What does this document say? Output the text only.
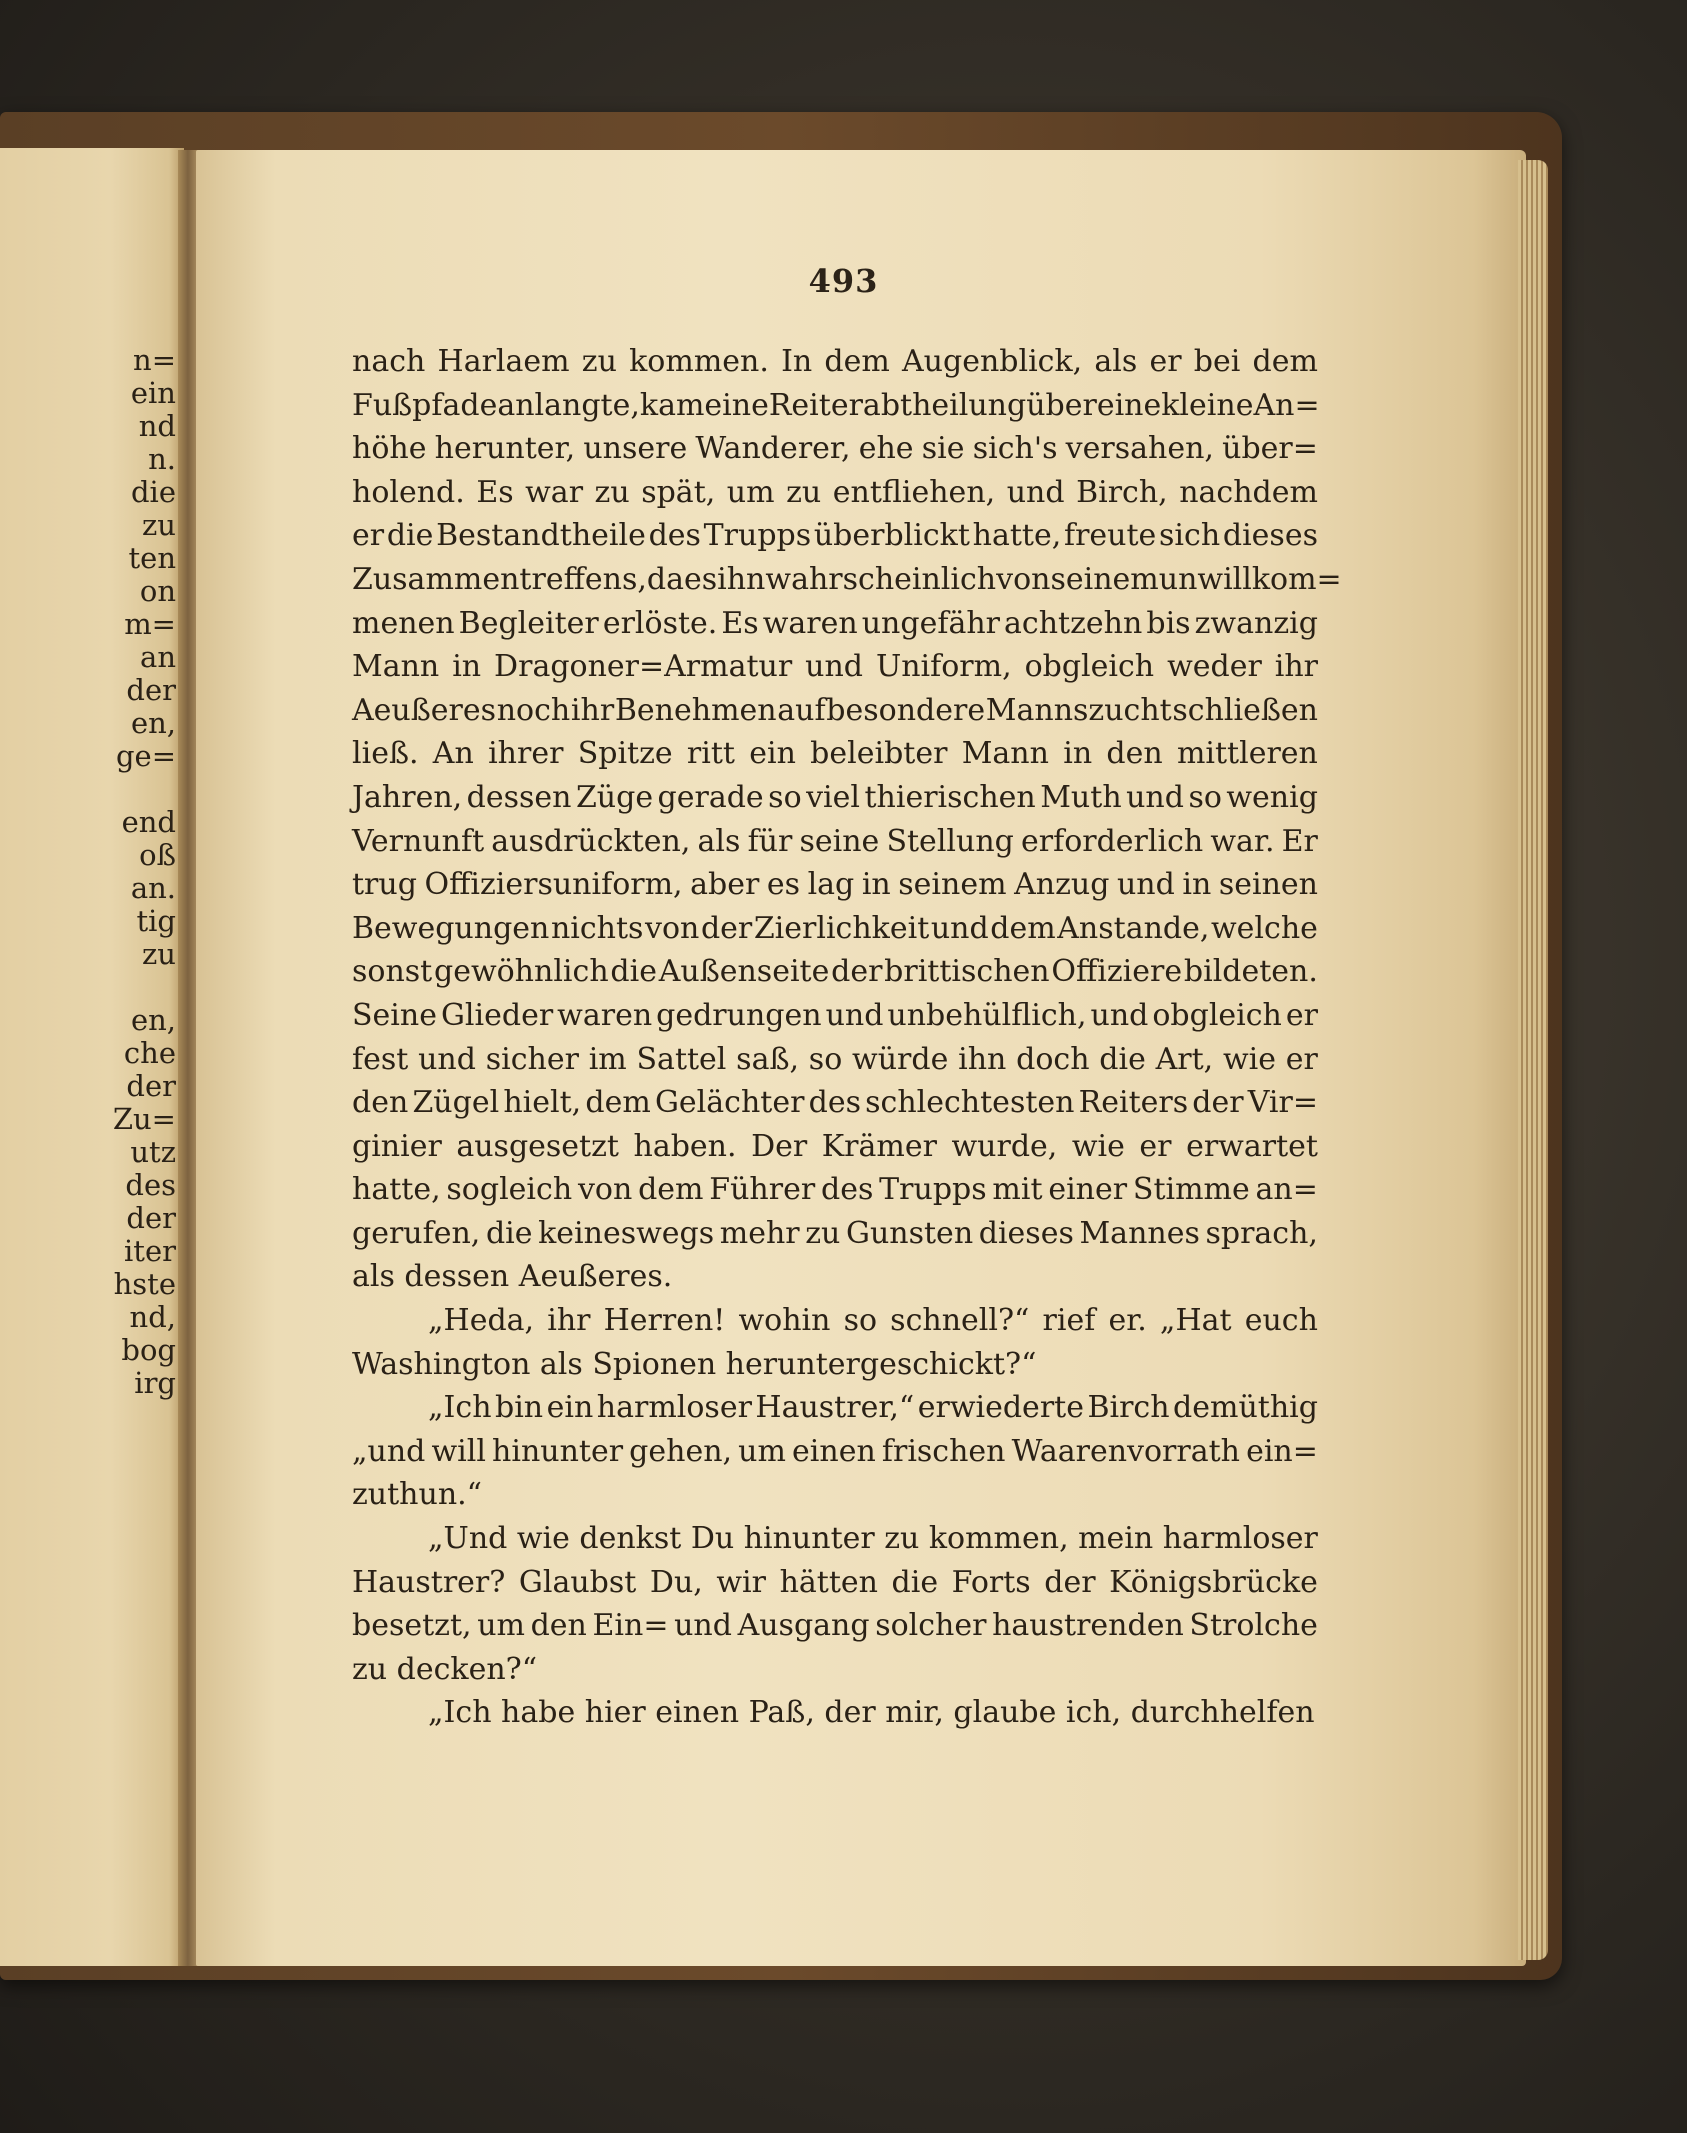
n=
ein
nd
n.
die
zu
ten
on
m=
an
der
en,
ge=
end
oß
an.
tig
zu
en,
che
der
Zu=
utz
des
der
iter
hste
nd,
bog
irg
493
nach Harlaem zu kommen. In dem Augenblick, als er bei dem
Fußpfade anlangte, kam eine Reiterabtheilung über eine kleine An=
höhe herunter, unsere Wanderer, ehe sie sich's versahen, über=
holend. Es war zu spät, um zu entfliehen, und Birch, nachdem
er die Bestandtheile des Trupps überblickt hatte, freute sich dieses
Zusammentreffens, da es ihn wahrscheinlich von seinem unwillkom=
menen Begleiter erlöste. Es waren ungefähr achtzehn bis zwanzig
Mann in Dragoner=Armatur und Uniform, obgleich weder ihr
Aeußeres noch ihr Benehmen auf besondere Mannszucht schließen
ließ. An ihrer Spitze ritt ein beleibter Mann in den mittleren
Jahren, dessen Züge gerade so viel thierischen Muth und so wenig
Vernunft ausdrückten, als für seine Stellung erforderlich war. Er
trug Offiziersuniform, aber es lag in seinem Anzug und in seinen
Bewegungen nichts von der Zierlichkeit und dem Anstande, welche
sonst gewöhnlich die Außenseite der brittischen Offiziere bildeten.
Seine Glieder waren gedrungen und unbehülflich, und obgleich er
fest und sicher im Sattel saß, so würde ihn doch die Art, wie er
den Zügel hielt, dem Gelächter des schlechtesten Reiters der Vir=
ginier ausgesetzt haben. Der Krämer wurde, wie er erwartet
hatte, sogleich von dem Führer des Trupps mit einer Stimme an=
gerufen, die keineswegs mehr zu Gunsten dieses Mannes sprach,
als dessen Aeußeres.
„Heda, ihr Herren! wohin so schnell?“ rief er. „Hat euch
Washington als Spionen heruntergeschickt?“
„Ich bin ein harmloser Haustrer,“ erwiederte Birch demüthig
„und will hinunter gehen, um einen frischen Waarenvorrath ein=
zuthun.“
„Und wie denkst Du hinunter zu kommen, mein harmloser
Haustrer? Glaubst Du, wir hätten die Forts der Königsbrücke
besetzt, um den Ein= und Ausgang solcher haustrenden Strolche
zu decken?“
„Ich habe hier einen Paß, der mir, glaube ich, durchhelfen
